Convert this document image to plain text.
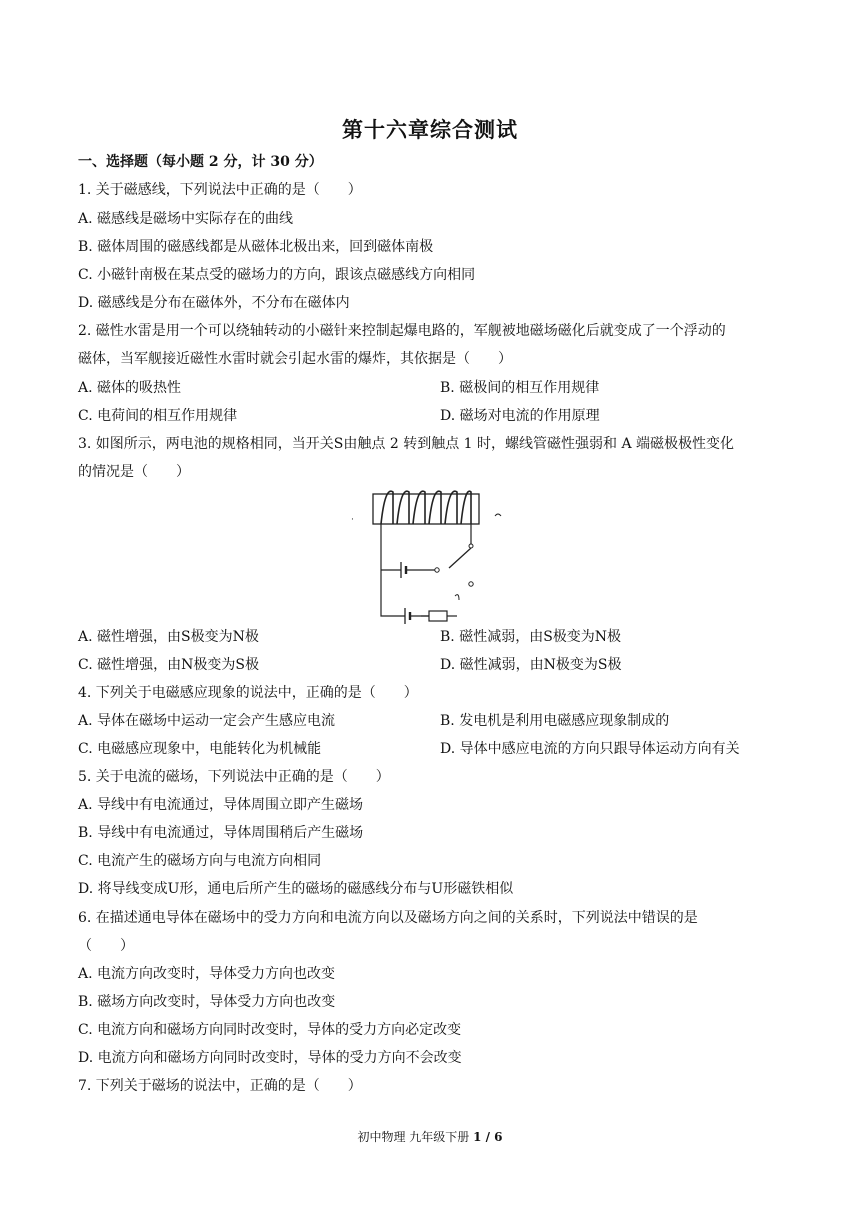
第十六章综合测试
一、选择题（每小题 2 分，计 30 分）
1. 关于磁感线，下列说法中正确的是（　　）
A. 磁感线是磁场中实际存在的曲线
B. 磁体周围的磁感线都是从磁体北极出来，回到磁体南极
C. 小磁针南极在某点受的磁场力的方向，跟该点磁感线方向相同
D. 磁感线是分布在磁体外，不分布在磁体内
2. 磁性水雷是用一个可以绕轴转动的小磁针来控制起爆电路的，军舰被地磁场磁化后就变成了一个浮动的
磁体，当军舰接近磁性水雷时就会引起水雷的爆炸，其依据是（　　）
A. 磁体的吸热性	B. 磁极间的相互作用规律
C. 电荷间的相互作用规律	D. 磁场对电流的作用原理
3. 如图所示，两电池的规格相同，当开关S由触点 2 转到触点 1 时，螺线管磁性强弱和 A 端磁极极性变化
的情况是（　　）
·
A. 磁性增强，由S极变为N极	B. 磁性减弱，由S极变为N极
C. 磁性增强，由N极变为S极	D. 磁性减弱，由N极变为S极
4. 下列关于电磁感应现象的说法中，正确的是（　　）
A. 导体在磁场中运动一定会产生感应电流	B. 发电机是利用电磁感应现象制成的
C. 电磁感应现象中，电能转化为机械能	D. 导体中感应电流的方向只跟导体运动方向有关
5. 关于电流的磁场，下列说法中正确的是（　　）
A. 导线中有电流通过，导体周围立即产生磁场
B. 导线中有电流通过，导体周围稍后产生磁场
C. 电流产生的磁场方向与电流方向相同
D. 将导线变成U形，通电后所产生的磁场的磁感线分布与U形磁铁相似
6. 在描述通电导体在磁场中的受力方向和电流方向以及磁场方向之间的关系时，下列说法中错误的是
（　　）
A. 电流方向改变时，导体受力方向也改变
B. 磁场方向改变时，导体受力方向也改变
C. 电流方向和磁场方向同时改变时，导体的受力方向必定改变
D. 电流方向和磁场方向同时改变时，导体的受力方向不会改变
7. 下列关于磁场的说法中，正确的是（　　）
初中物理 九年级下册 1 / 6
